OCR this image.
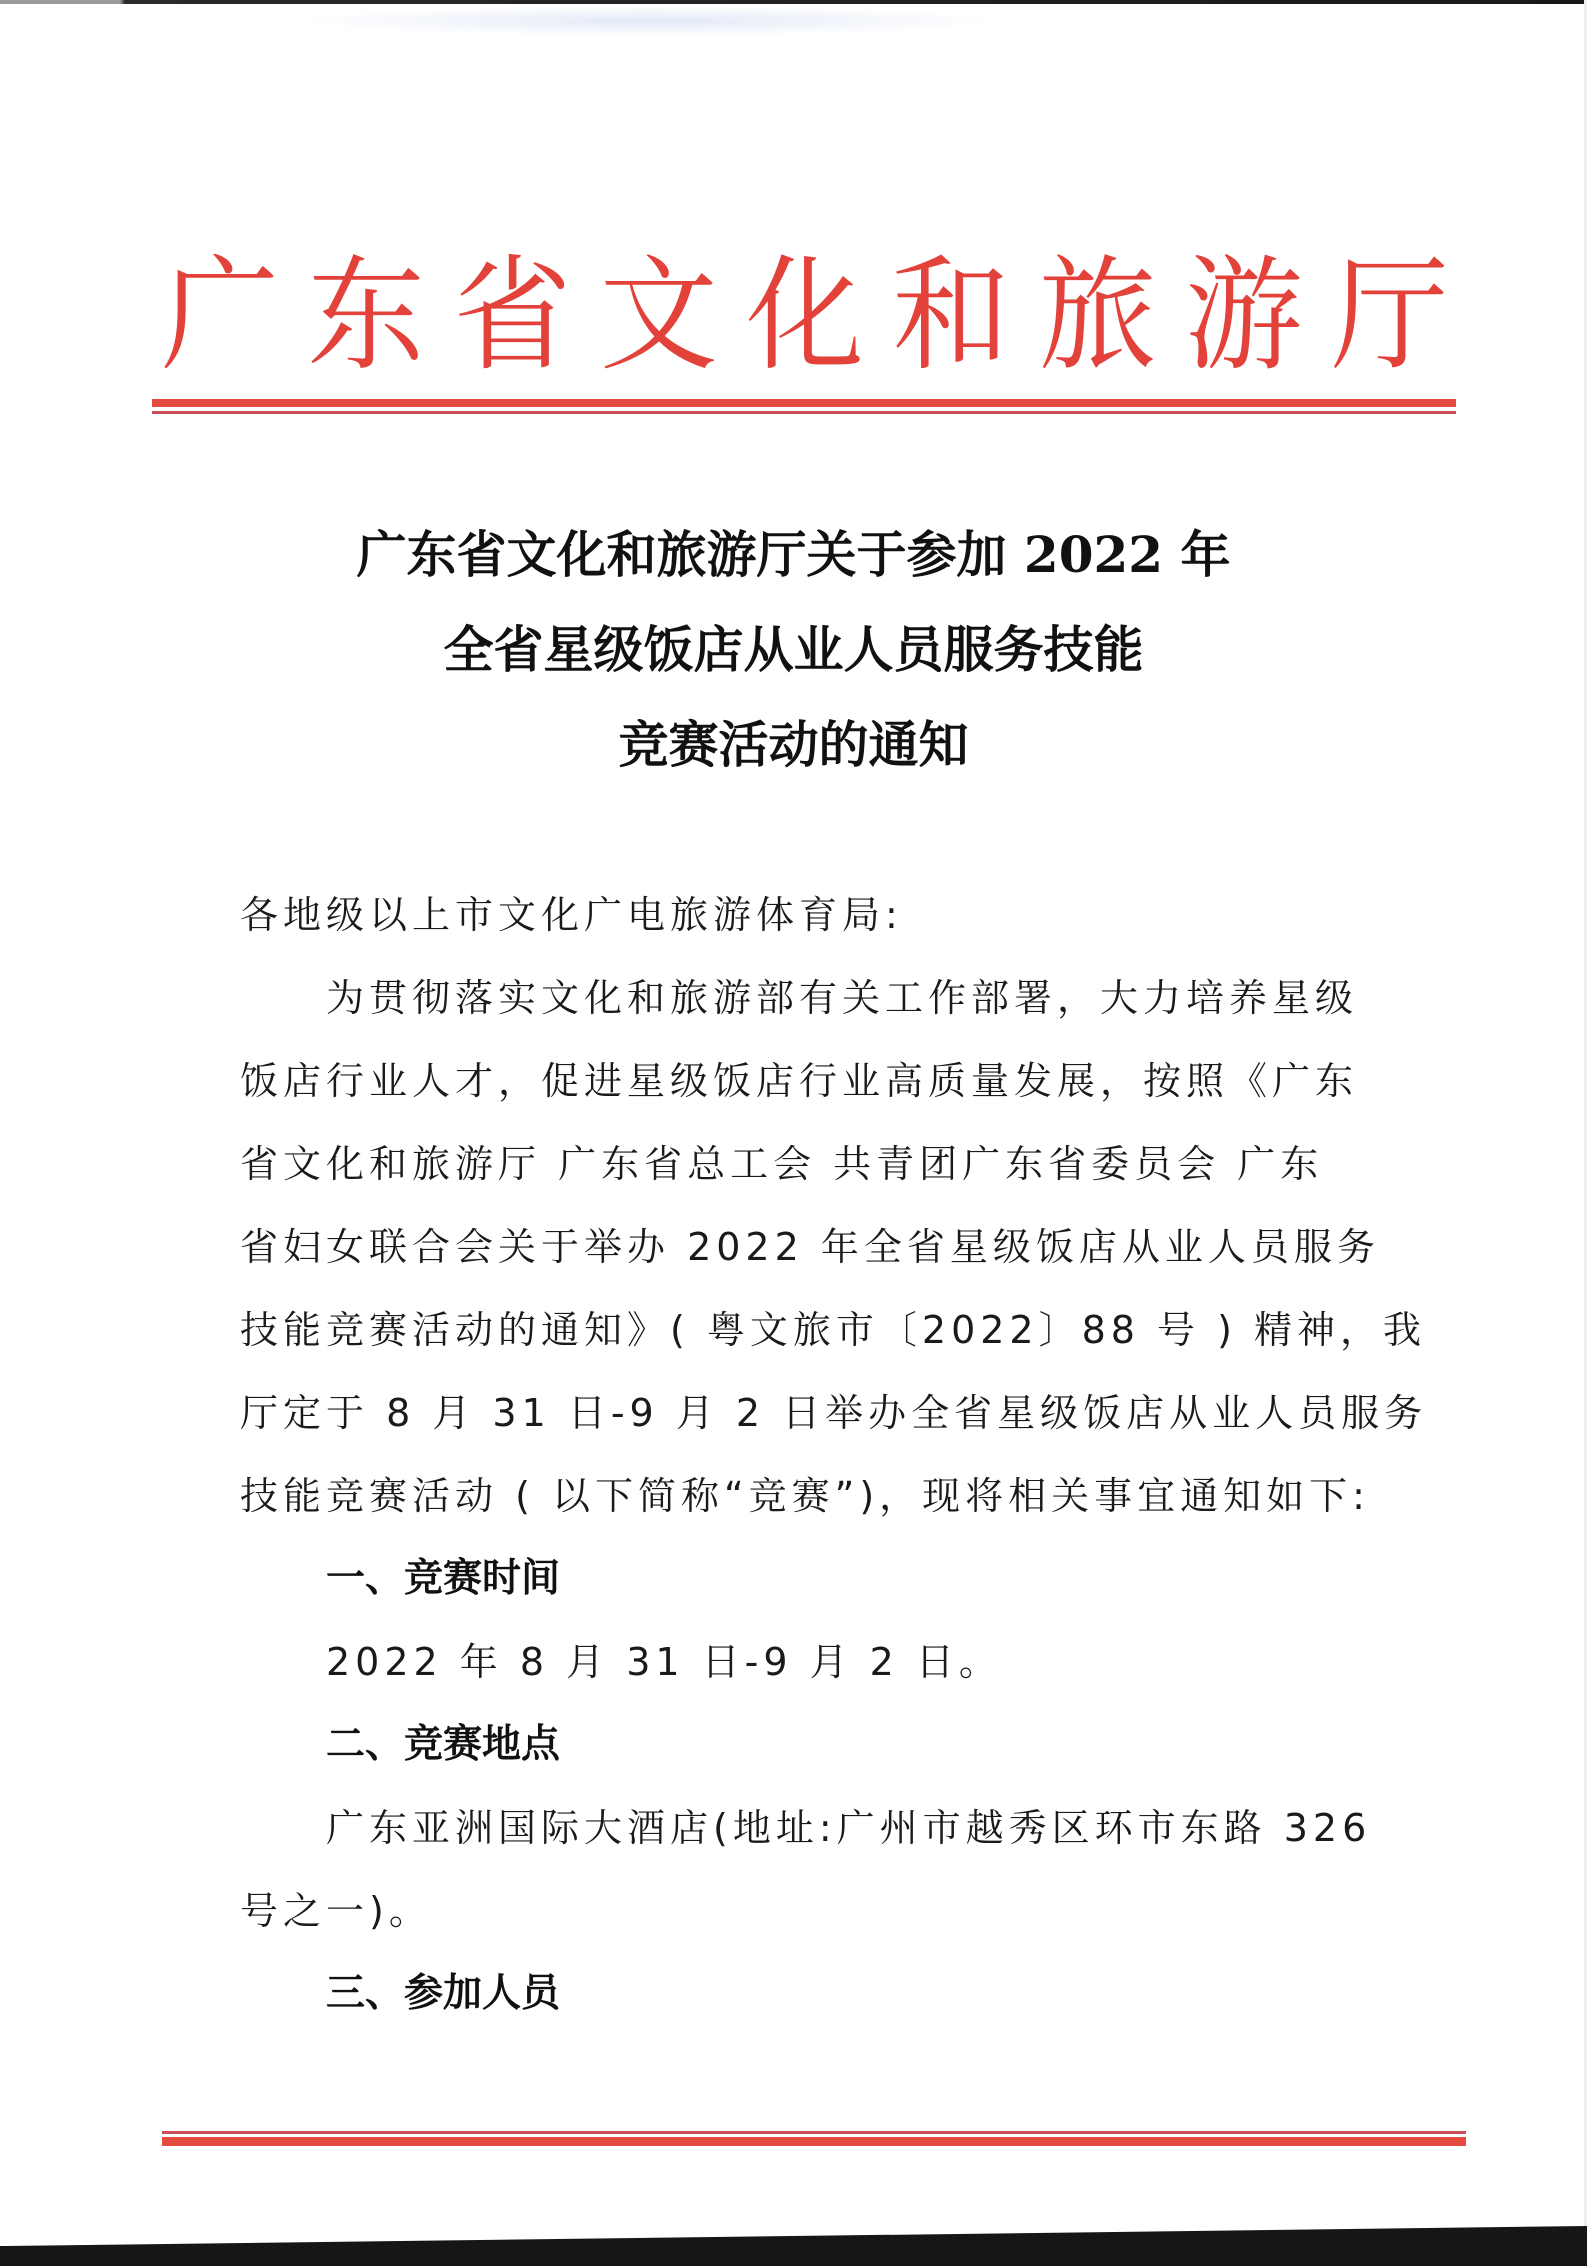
广 东 省 文 化 和 旅 游 厅
广东省文化和旅游厅关于参加 2022 年
全省星级饭店从业人员服务技能
竞赛活动的通知
各地级以上市文化广电旅游体育局:
为贯彻落实文化和旅游部有关工作部署，大力培养星级
饭店行业人才，促进星级饭店行业高质量发展，按照《广东
省文化和旅游厅 广东省总工会 共青团广东省委员会 广东
省妇女联合会关于举办 2022 年全省星级饭店从业人员服务
技能竞赛活动的通知》( 粤文旅市〔2022〕88 号 ) 精神，我
厅定于 8 月 31 日-9 月 2 日举办全省星级饭店从业人员服务
技能竞赛活动 ( 以下简称“竞赛”)，现将相关事宜通知如下:
一、竞赛时间
2022 年 8 月 31 日-9 月 2 日。
二、竞赛地点
广东亚洲国际大酒店(地址:广州市越秀区环市东路 326
号之一)。
三、参加人员
